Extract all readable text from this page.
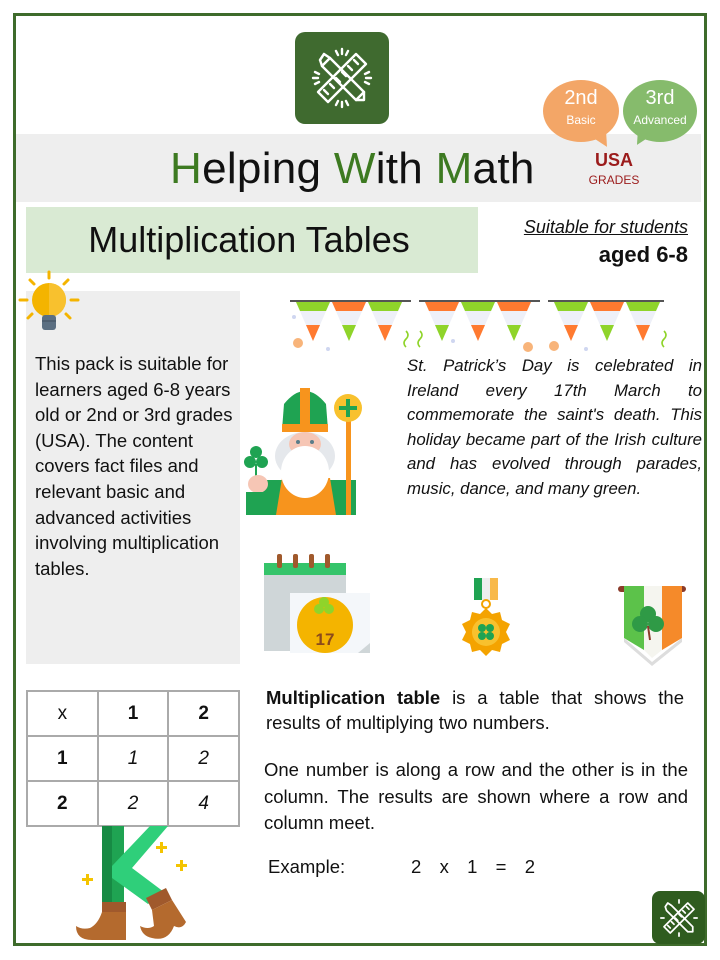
Helping With Math
2nd
Basic
3rd
Advanced
USA
GRADES
Multiplication Tables	Suitable for students
aged 6-8
This pack is suitable for learners aged 6-8 years old or 2nd or 3rd grades (USA). The content covers fact files and relevant basic and advanced activities involving multiplication tables.
St. Patrick’s Day is celebrated in Ireland every 17th March to commemorate the saint's death. This holiday became part of the Irish culture and has evolved through parades, music, dance, and many green.
17
x	1	2
1	1	2
2	2	4
Multiplication table is a table that shows the results of multiplying two numbers.
One number is along a row and the other is in the column. The results are shown where a row and column meet.
Example:	2  x  1  =  2
